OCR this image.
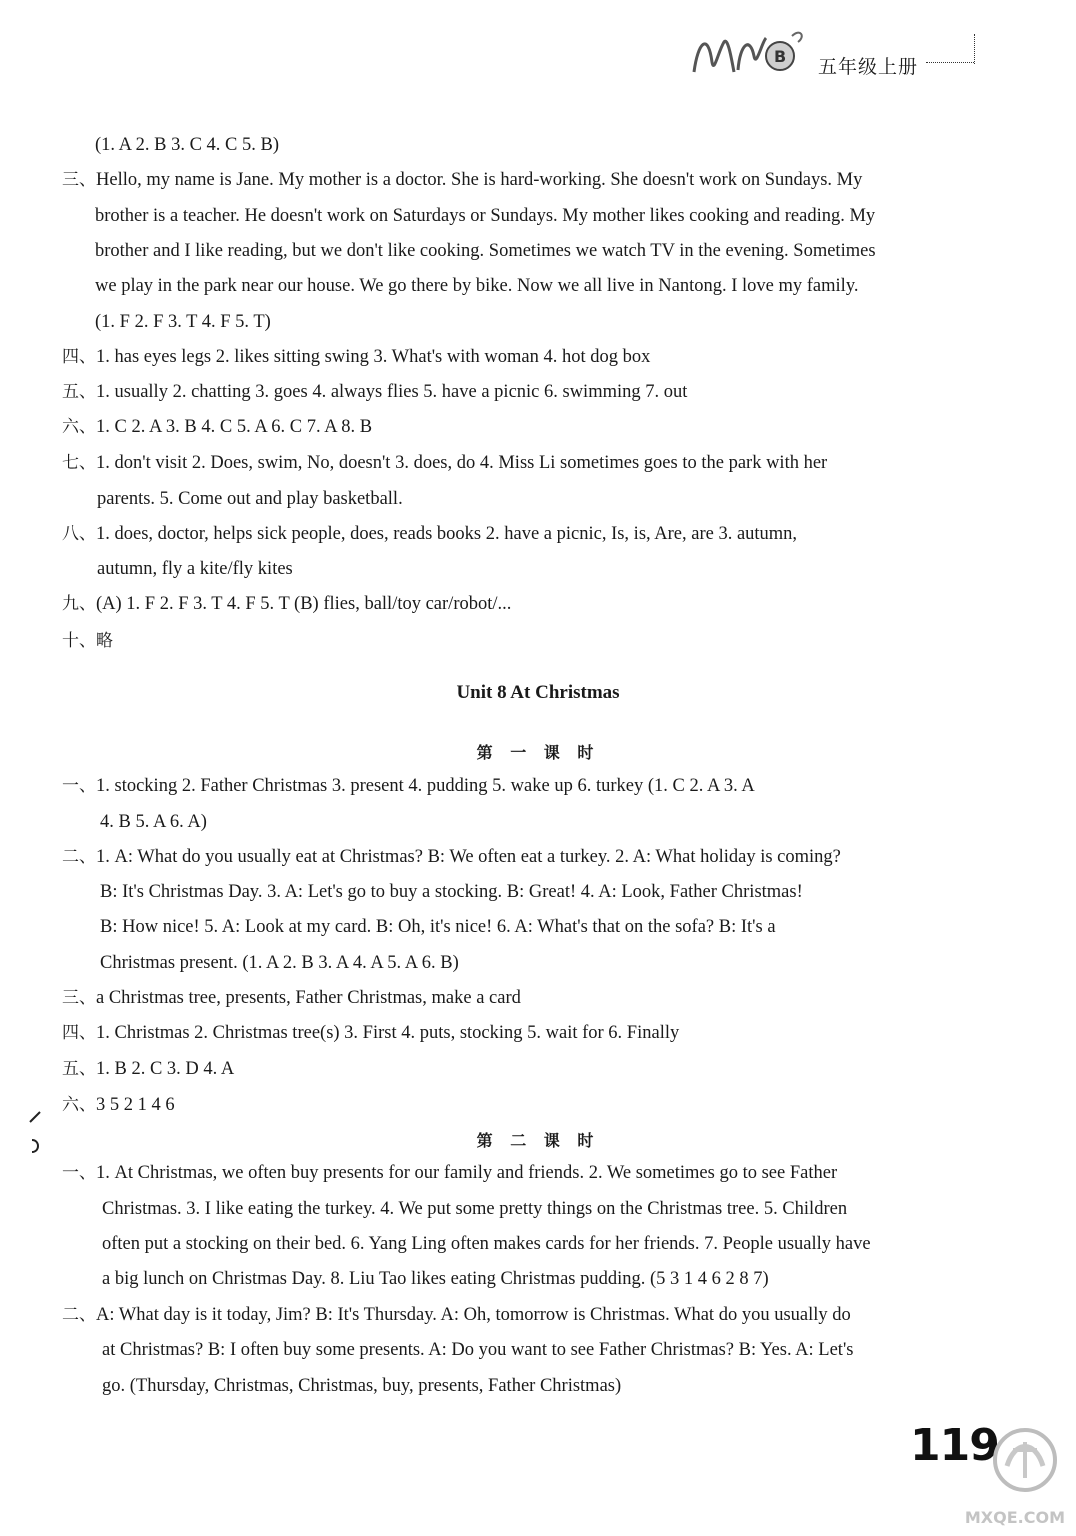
B 五年级上册
(1. A 2. B 3. C 4. C 5. B)
三、Hello, my name is Jane. My mother is a doctor. She is hard-working. She doesn't work on Sundays. My
brother is a teacher. He doesn't work on Saturdays or Sundays. My mother likes cooking and reading. My
brother and I like reading, but we don't like cooking. Sometimes we watch TV in the evening. Sometimes
we play in the park near our house. We go there by bike. Now we all live in Nantong. I love my family.
(1. F 2. F 3. T 4. F 5. T)
四、1. has eyes legs 2. likes sitting swing 3. What's with woman 4. hot dog box
五、1. usually 2. chatting 3. goes 4. always flies 5. have a picnic 6. swimming 7. out
六、1. C 2. A 3. B 4. C 5. A 6. C 7. A 8. B
七、1. don't visit 2. Does, swim, No, doesn't 3. does, do 4. Miss Li sometimes goes to the park with her
parents. 5. Come out and play basketball.
八、1. does, doctor, helps sick people, does, reads books 2. have a picnic, Is, is, Are, are 3. autumn,
autumn, fly a kite/fly kites
九、(A) 1. F 2. F 3. T 4. F 5. T (B) flies, ball/toy car/robot/...
十、略
Unit 8 At Christmas
第 一 课 时
一、1. stocking 2. Father Christmas 3. present 4. pudding 5. wake up 6. turkey (1. C 2. A 3. A
4. B 5. A 6. A)
二、1. A: What do you usually eat at Christmas? B: We often eat a turkey. 2. A: What holiday is coming?
B: It's Christmas Day. 3. A: Let's go to buy a stocking. B: Great! 4. A: Look, Father Christmas!
B: How nice! 5. A: Look at my card. B: Oh, it's nice! 6. A: What's that on the sofa? B: It's a
Christmas present. (1. A 2. B 3. A 4. A 5. A 6. B)
三、a Christmas tree, presents, Father Christmas, make a card
四、1. Christmas 2. Christmas tree(s) 3. First 4. puts, stocking 5. wait for 6. Finally
五、1. B 2. C 3. D 4. A
六、3 5 2 1 4 6
第 二 课 时
一、1. At Christmas, we often buy presents for our family and friends. 2. We sometimes go to see Father
Christmas. 3. I like eating the turkey. 4. We put some pretty things on the Christmas tree. 5. Children
often put a stocking on their bed. 6. Yang Ling often makes cards for her friends. 7. People usually have
a big lunch on Christmas Day. 8. Liu Tao likes eating Christmas pudding. (5 3 1 4 6 2 8 7)
二、A: What day is it today, Jim? B: It's Thursday. A: Oh, tomorrow is Christmas. What do you usually do
at Christmas? B: I often buy some presents. A: Do you want to see Father Christmas? B: Yes. A: Let's
go. (Thursday, Christmas, Christmas, buy, presents, Father Christmas)
119
MXQE.COM
